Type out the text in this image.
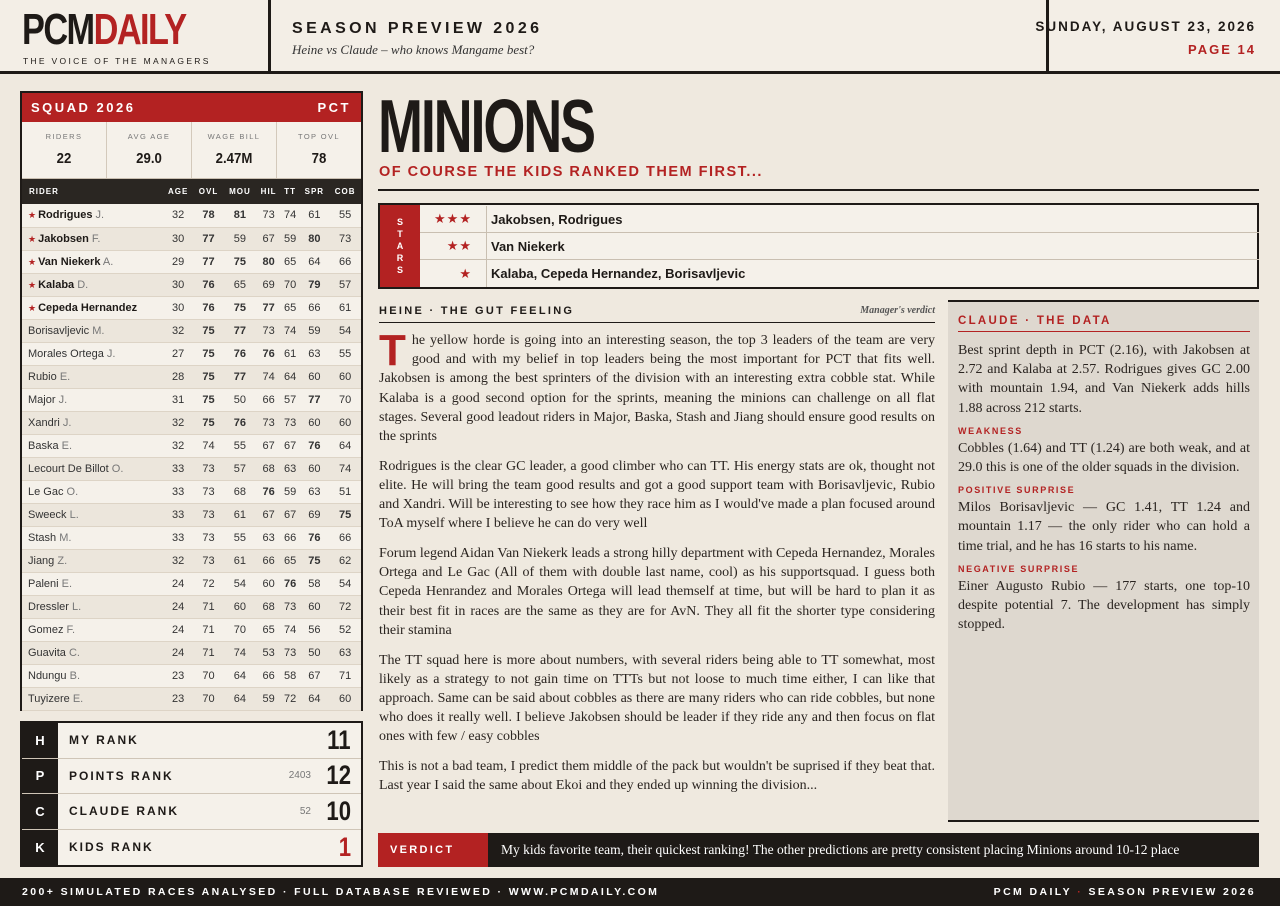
PCMDAILY
THE VOICE OF THE MANAGERS
SEASON PREVIEW 2026
Heine vs Claude – who knows Mangame best?
SUNDAY, AUGUST 23, 2026
PAGE 14
SQUAD 2026	PCT
RIDERS
22
AVG AGE
29.0
WAGE BILL
2.47M
TOP OVL
78
RIDER	AGE	OVL	MOU	HIL	TT	SPR	COB
★ Rodrigues J.	32	78	81	73	74	61	55
★ Jakobsen F.	30	77	59	67	59	80	73
★ Van Niekerk A.	29	77	75	80	65	64	66
★ Kalaba D.	30	76	65	69	70	79	57
★ Cepeda Hernandez	30	76	75	77	65	66	61
Borisavljevic M.	32	75	77	73	74	59	54
Morales Ortega J.	27	75	76	76	61	63	55
Rubio E.	28	75	77	74	64	60	60
Major J.	31	75	50	66	57	77	70
Xandri J.	32	75	76	73	73	60	60
Baska E.	32	74	55	67	67	76	64
Lecourt De Billot O.	33	73	57	68	63	60	74
Le Gac O.	33	73	68	76	59	63	51
Sweeck L.	33	73	61	67	67	69	75
Stash M.	33	73	55	63	66	76	66
Jiang Z.	32	73	61	66	65	75	62
Paleni E.	24	72	54	60	76	58	54
Dressler L.	24	71	60	68	73	60	72
Gomez F.	24	71	70	65	74	56	52
Guavita C.	24	71	74	53	73	50	63
Ndungu B.	23	70	64	66	58	67	71
Tuyizere E.	23	70	64	59	72	64	60
H	MY RANK	11
P	POINTS RANK	2403 12
C	CLAUDE RANK	52 10
K	KIDS RANK	1
MINIONS
OF COURSE THE KIDS RANKED THEM FIRST...
S
T
A
R
S
★★★	Jakobsen, Rodrigues
★★	Van Niekerk
★	Kalaba, Cepeda Hernandez, Borisavljevic
HEINE · THE GUT FEELING	Manager's verdict

The yellow horde is going into an interesting season, the top 3 leaders of the team are very good and with my belief in top leaders being the most important for PCT that fits well. Jakobsen is among the best sprinters of the division with an interesting extra cobble stat. While Kalaba is a good second option for the sprints, meaning the minions can challenge on all flat stages. Several good leadout riders in Major, Baska, Stash and Jiang should ensure good results on the sprints

Rodrigues is the clear GC leader, a good climber who can TT. His energy stats are ok, thought not elite. He will bring the team good results and got a good support team with Borisavljevic, Rubio and Xandri. Will be interesting to see how they race him as I would've made a plan focused around ToA myself where I believe he can do very well

Forum legend Aidan Van Niekerk leads a strong hilly department with Cepeda Hernandez, Morales Ortega and Le Gac (All of them with double last name, cool) as his supportsquad. I guess both Cepeda Henrandez and Morales Ortega will lead themself at time, but will be hard to plan it as their best fit in races are the same as they are for AvN. They all fit the shorter type considering their stamina

The TT squad here is more about numbers, with several riders being able to TT somewhat, most likely as a strategy to not gain time on TTTs but not loose to much time either, I can like that approach. Same can be said about cobbles as there are many riders who can ride cobbles, but none who does it really well. I believe Jakobsen should be leader if they ride any and then focus on flat ones with few / easy cobbles

This is not a bad team, I predict them middle of the pack but wouldn't be suprised if they beat that. Last year I said the same about Ekoi and they ended up winning the division...

CLAUDE · THE DATA

Best sprint depth in PCT (2.16), with Jakobsen at 2.72 and Kalaba at 2.57. Rodrigues gives GC 2.00 with mountain 1.94, and Van Niekerk adds hills 1.88 across 212 starts.

WEAKNESS

Cobbles (1.64) and TT (1.24) are both weak, and at 29.0 this is one of the older squads in the division.

POSITIVE SURPRISE

Milos Borisavljevic — GC 1.41, TT 1.24 and mountain 1.17 — the only rider who can hold a time trial, and he has 16 starts to his name.

NEGATIVE SURPRISE

Einer Augusto Rubio — 177 starts, one top-10 despite potential 7. The development has simply stopped.

VERDICT	My kids favorite team, their quickest ranking! The other predictions are pretty consistent placing Minions around 10-12 place
200+ SIMULATED RACES ANALYSED · FULL DATABASE REVIEWED · WWW.PCMDAILY.COM	PCM DAILY · SEASON PREVIEW 2026
